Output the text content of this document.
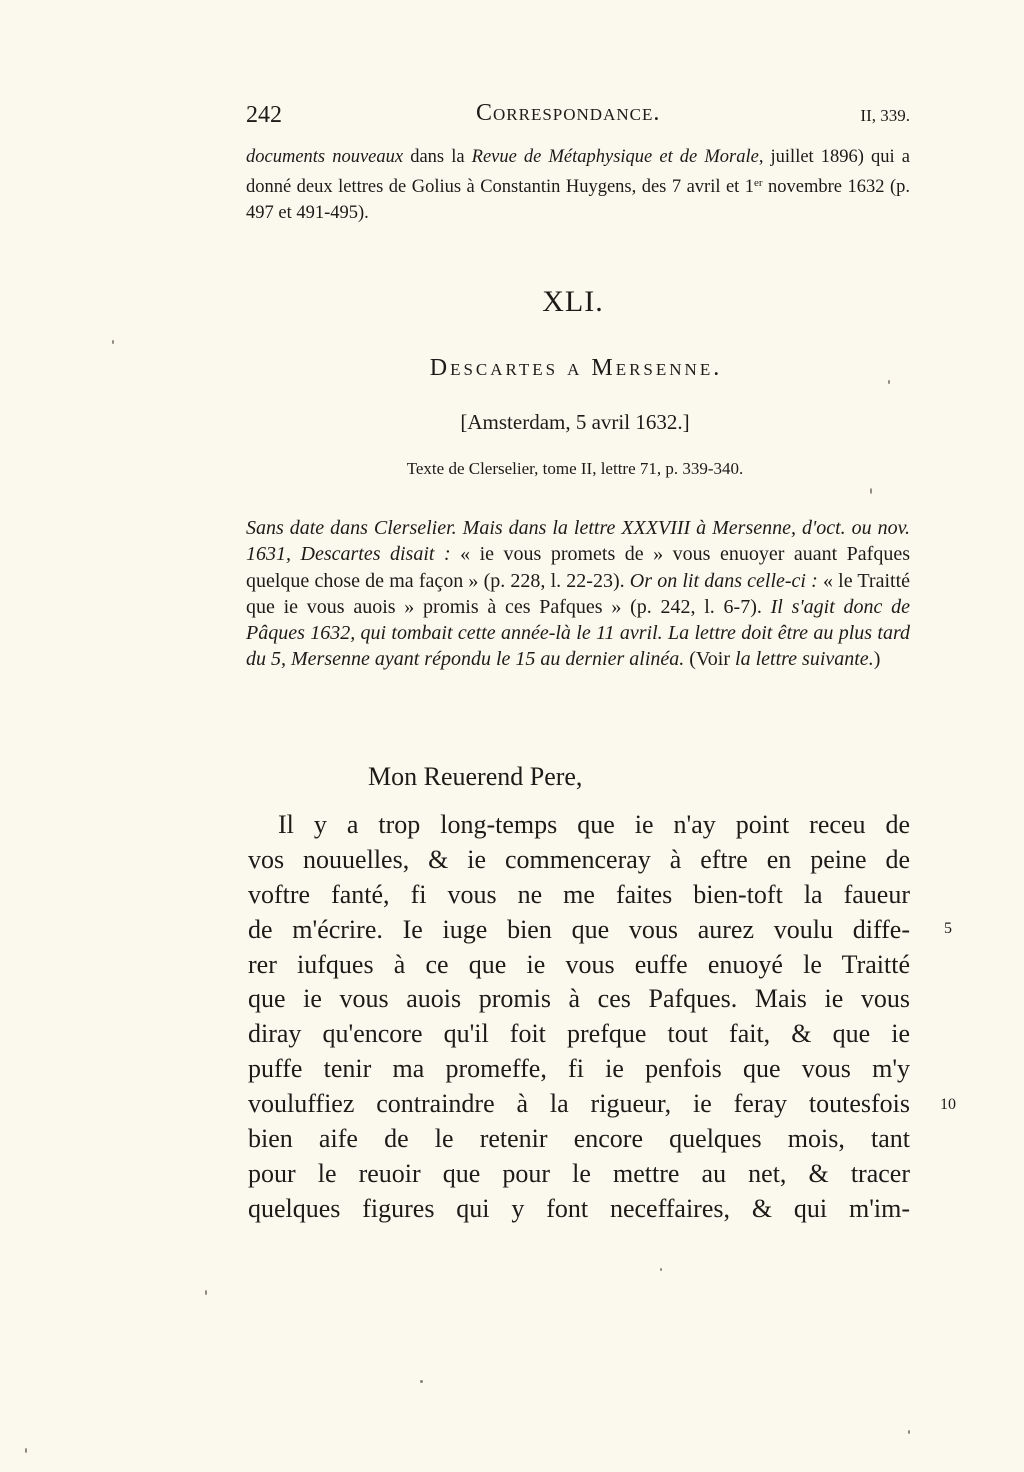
242	Correspondance.	II, 339.
documents nouveaux dans la Revue de Métaphysique et de Morale, juillet 1896) qui a donné deux lettres de Golius à Constantin Huygens, des 7 avril et 1er novembre 1632 (p. 497 et 491-495).
XLI.
Descartes a Mersenne.
[Amsterdam, 5 avril 1632.]
Texte de Clerselier, tome II, lettre 71, p. 339-340.
Sans date dans Clerselier. Mais dans la lettre XXXVIII à Mersenne, d'oct. ou nov. 1631, Descartes disait : « ie vous promets de » vous enuoyer auant Pafques quelque chose de ma façon » (p. 228, l. 22-23). Or on lit dans celle-ci : « le Traitté que ie vous auois » promis à ces Pafques » (p. 242, l. 6-7). Il s'agit donc de Pâques 1632, qui tombait cette année-là le 11 avril. La lettre doit être au plus tard du 5, Mersenne ayant répondu le 15 au dernier alinéa. (Voir la lettre suivante.)
Mon Reuerend Pere,
Il y a trop long-temps que ie n'ay point receu de
vos nouuelles, & ie commenceray à eftre en peine de
voftre fanté, fi vous ne me faites bien-toft la faueur
de m'écrire. Ie iuge bien que vous aurez voulu diffe-
rer iufques à ce que ie vous euffe enuoyé le Traitté
que ie vous auois promis à ces Pafques. Mais ie vous
diray qu'encore qu'il foit prefque tout fait, & que ie
puffe tenir ma promeffe, fi ie penfois que vous m'y
vouluffiez contraindre à la rigueur, ie feray toutesfois
bien aife de le retenir encore quelques mois, tant
pour le reuoir que pour le mettre au net, & tracer
quelques figures qui y font neceffaires, & qui m'im-
5
10
